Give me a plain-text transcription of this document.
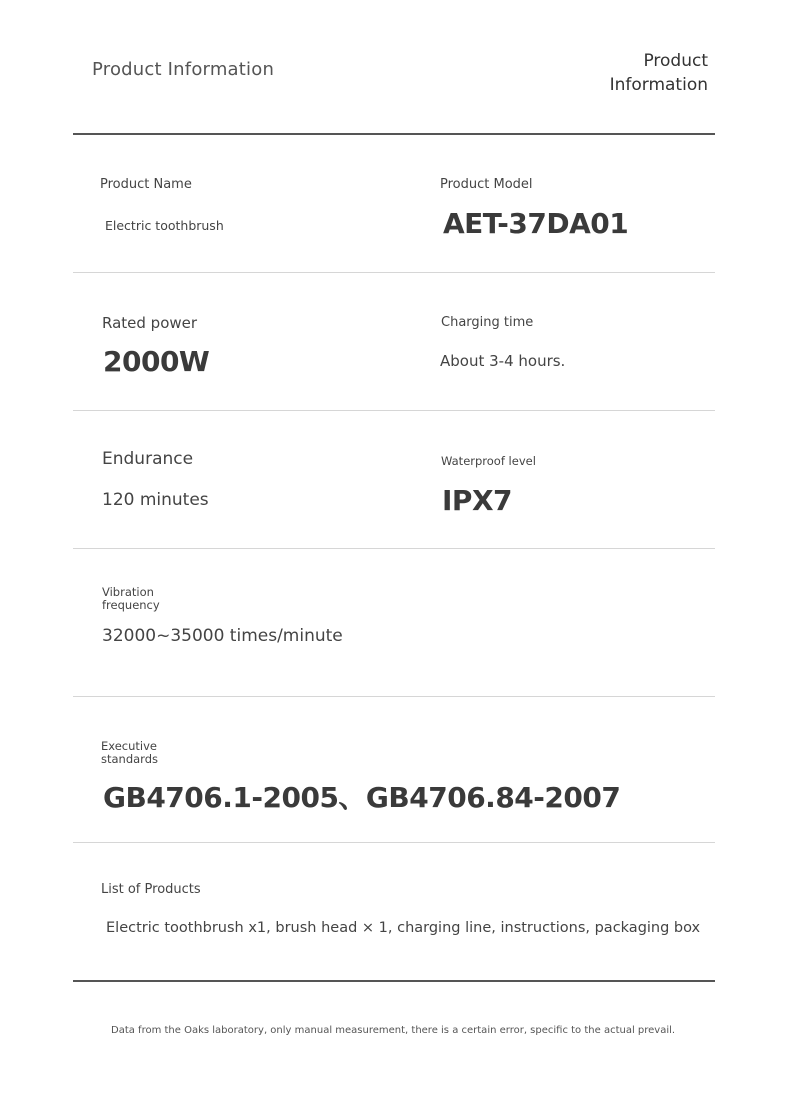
Product Information	Product
Information
Product Name
Electric toothbrush
Product Model
AET-37DA01
Rated power
2000W
Charging time
About 3-4 hours.
Endurance
120 minutes
Waterproof level
IPX7
Vibration
frequency
32000~35000 times/minute
Executive
standards
GB4706.1-2005、GB4706.84-2007
List of Products
Electric toothbrush x1, brush head × 1, charging line, instructions, packaging box
Data from the Oaks laboratory, only manual measurement, there is a certain error, specific to the actual prevail.
